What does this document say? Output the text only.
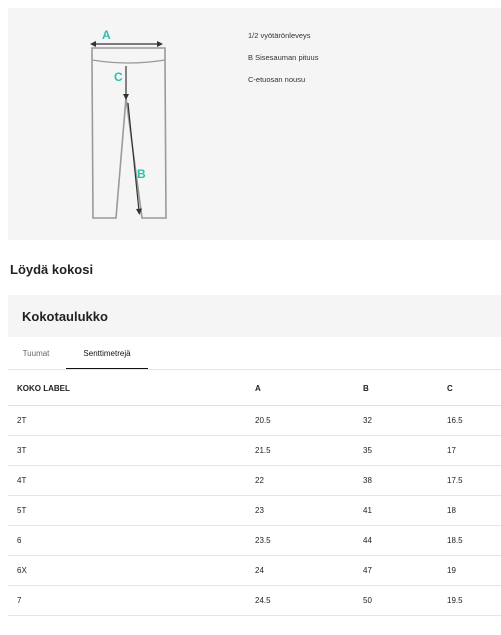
A
C
B
1/2 vyötärönleveys
B Sisesauman pituus
C-etuosan nousu
Löydä kokosi
Kokotaulukko
Tuumat	Senttimetrejä
KOKO LABEL	A	B	C
2T	20.5	32	16.5
3T	21.5	35	17
4T	22	38	17.5
5T	23	41	18
6	23.5	44	18.5
6X	24	47	19
7	24.5	50	19.5
